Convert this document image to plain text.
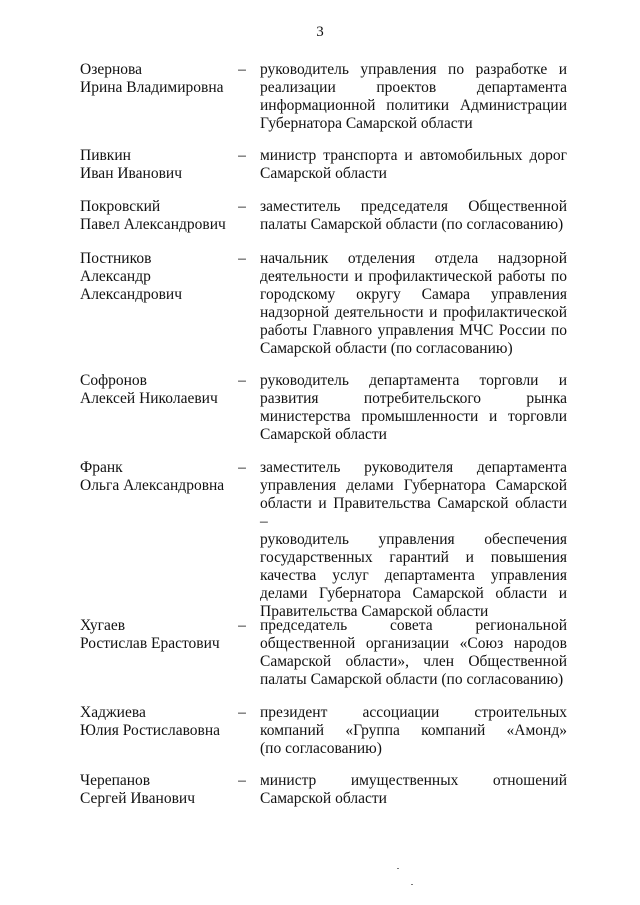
3
Озернова
Ирина Владимировна
– руководитель управления по разработке и
реализации проектов департамента
информационной политики Администрации
Губернатора Самарской области
Пивкин
Иван Иванович
– министр транспорта и автомобильных дорог
Самарской области
Покровский
Павел Александрович
– заместитель председателя Общественной
палаты Самарской области (по согласованию)
Постников
Александр
Александрович
– начальник отделения отдела надзорной
деятельности и профилактической работы по
городскому округу Самара управления
надзорной деятельности и профилактической
работы Главного управления МЧС России по
Самарской области (по согласованию)
Софронов
Алексей Николаевич
– руководитель департамента торговли и
развития потребительского рынка
министерства промышленности и торговли
Самарской области
Франк
Ольга Александровна
– заместитель руководителя департамента
управления делами Губернатора Самарской
области и Правительства Самарской области –
руководитель управления обеспечения
государственных гарантий и повышения
качества услуг департамента управления
делами Губернатора Самарской области и
Правительства Самарской области
Хугаев
Ростислав Ерастович
– председатель совета региональной
общественной организации «Союз народов
Самарской области», член Общественной
палаты Самарской области (по согласованию)
Хаджиева
Юлия Ростиславовна
– президент ассоциации строительных
компаний «Группа компаний «Амонд»
(по согласованию)
Черепанов
Сергей Иванович
– министр имущественных отношений
Самарской области
